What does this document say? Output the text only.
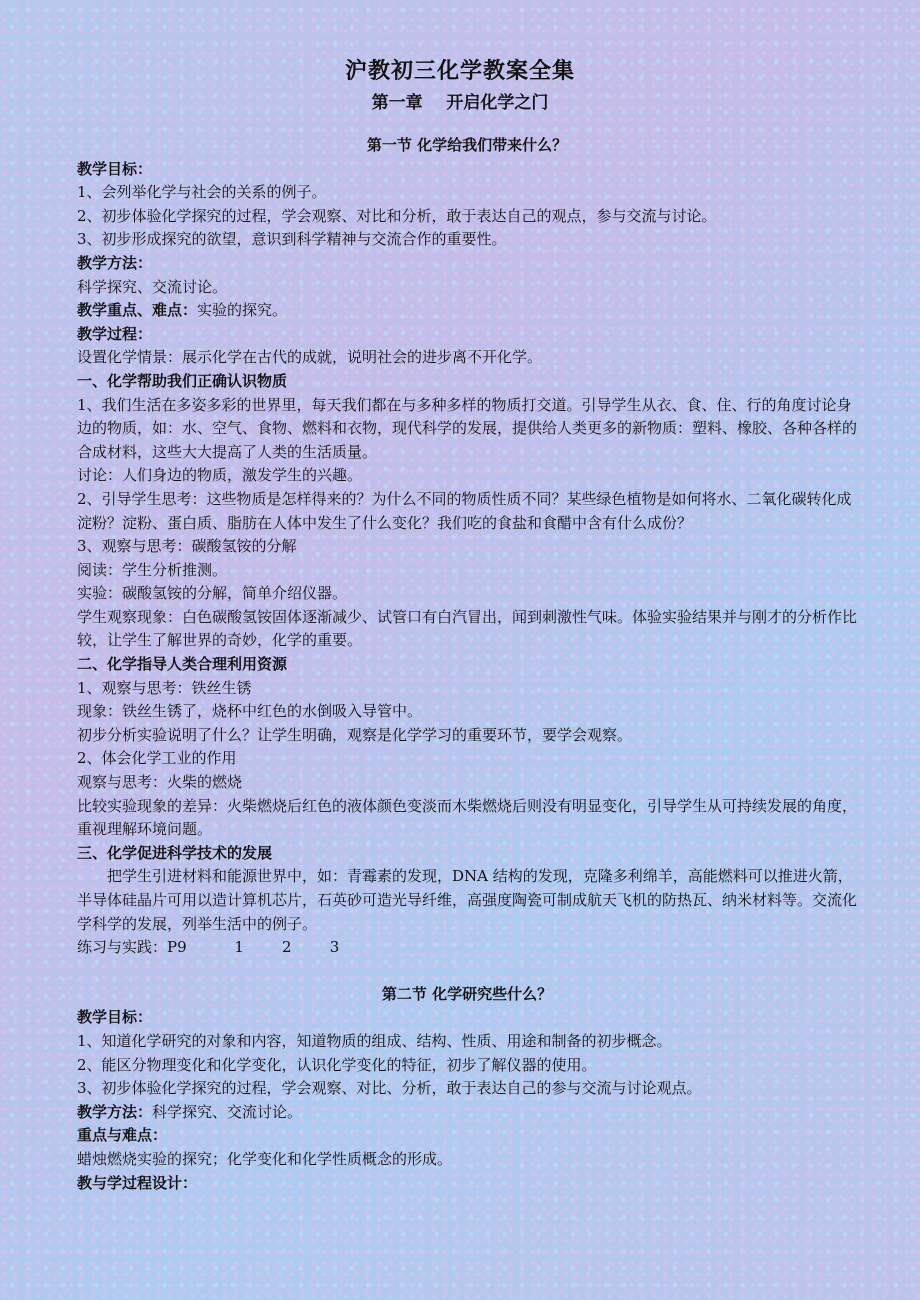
沪教初三化学教案全集
第一章    开启化学之门

第一节 化学给我们带来什么？

教学目标：

1、会列举化学与社会的关系的例子。

2、初步体验化学探究的过程，学会观察、对比和分析，敢于表达自己的观点，参与交流与讨论。

3、初步形成探究的欲望，意识到科学精神与交流合作的重要性。

教学方法：

科学探究、交流讨论。

教学重点、难点：实验的探究。

教学过程：

设置化学情景：展示化学在古代的成就，说明社会的进步离不开化学。

一、化学帮助我们正确认识物质

1、我们生活在多姿多彩的世界里，每天我们都在与多种多样的物质打交道。引导学生从衣、食、住、行的角度讨论身边的物质，如：水、空气、食物、燃料和衣物，现代科学的发展，提供给人类更多的新物质：塑料、橡胶、各种各样的合成材料，这些大大提高了人类的生活质量。

讨论：人们身边的物质，激发学生的兴趣。

2、引导学生思考：这些物质是怎样得来的？为什么不同的物质性质不同？某些绿色植物是如何将水、二氧化碳转化成淀粉？淀粉、蛋白质、脂肪在人体中发生了什么变化？我们吃的食盐和食醋中含有什么成份？

3、观察与思考：碳酸氢铵的分解

阅读：学生分析推测。

实验：碳酸氢铵的分解，简单介绍仪器。

学生观察现象：白色碳酸氢铵固体逐渐减少、试管口有白汽冒出，闻到刺激性气味。体验实验结果并与刚才的分析作比较，让学生了解世界的奇妙，化学的重要。

二、化学指导人类合理利用资源

1、观察与思考：铁丝生锈

现象：铁丝生锈了，烧杯中红色的水倒吸入导管中。

初步分析实验说明了什么？让学生明确，观察是化学学习的重要环节，要学会观察。

2、体会化学工业的作用

观察与思考：火柴的燃烧

比较实验现象的差异：火柴燃烧后红色的液体颜色变淡而木柴燃烧后则没有明显变化，引导学生从可持续发展的角度，重视理解环境问题。

三、化学促进科学技术的发展

把学生引进材料和能源世界中，如：青霉素的发现，DNA 结构的发现，克隆多利绵羊，高能燃料可以推进火箭，半导体硅晶片可用以造计算机芯片，石英砂可造光导纤维，高强度陶瓷可制成航天飞机的防热瓦、纳米材料等。交流化学科学的发展，列举生活中的例子。

练习与实践：P9          1        2        3

第二节 化学研究些什么？

教学目标：

1、知道化学研究的对象和内容，知道物质的组成、结构、性质、用途和制备的初步概念。

2、能区分物理变化和化学变化，认识化学变化的特征，初步了解仪器的使用。

3、初步体验化学探究的过程，学会观察、对比、分析，敢于表达自己的参与交流与讨论观点。

教学方法：科学探究、交流讨论。

重点与难点：

蜡烛燃烧实验的探究；化学变化和化学性质概念的形成。

教与学过程设计：
